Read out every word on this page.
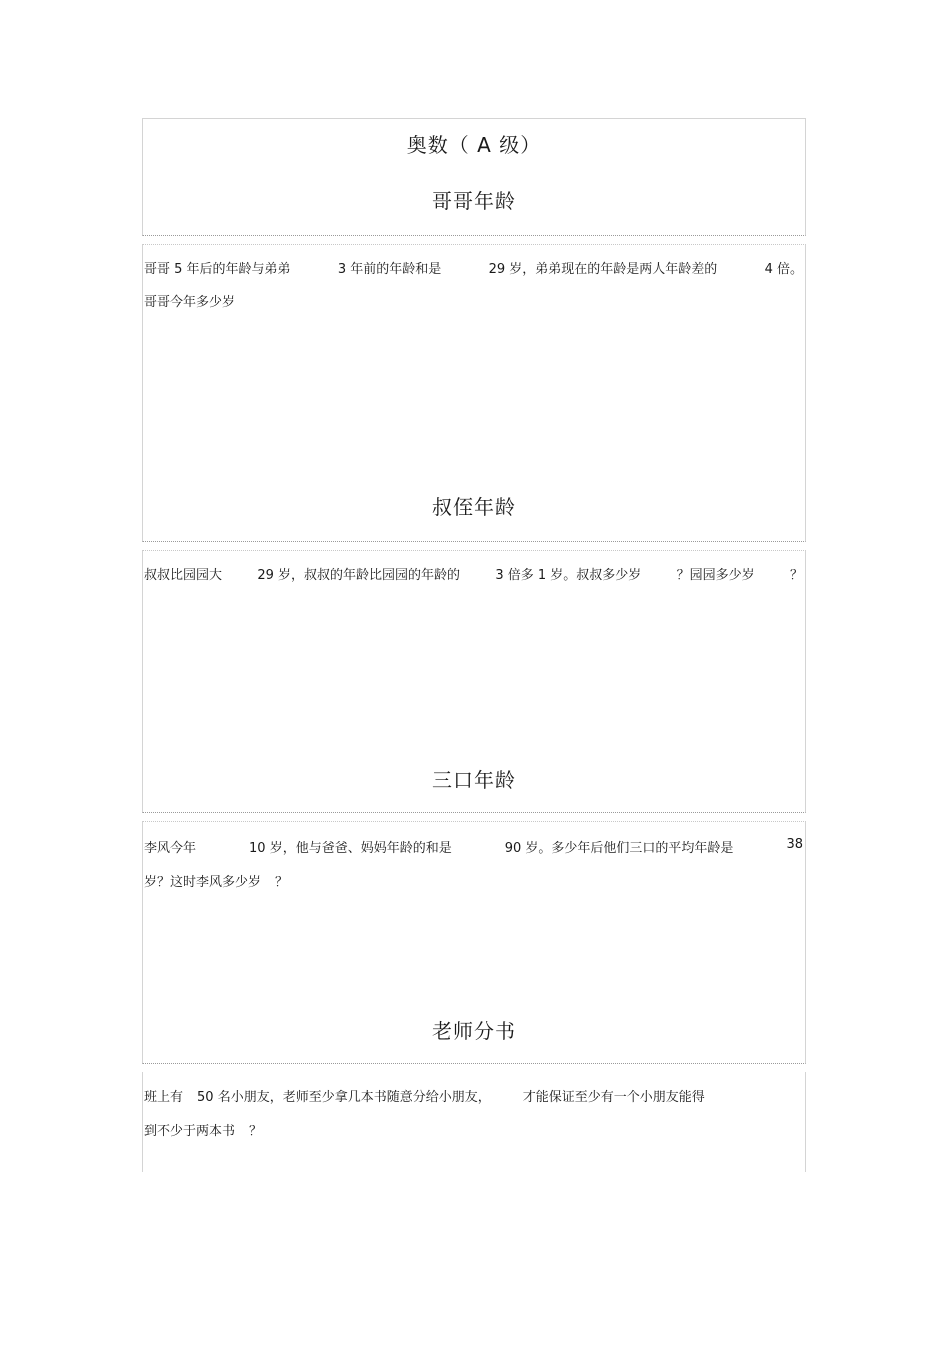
奥数（ A 级）
哥哥年龄
哥哥 5 年后的年龄与弟弟	3 年前的年龄和是	29 岁，弟弟现在的年龄是两人年龄差的	4 倍。
哥哥今年多少岁
叔侄年龄
叔叔比园园大	29 岁，叔叔的年龄比园园的年龄的	3 倍多 1 岁。叔叔多少岁	？园园多少岁	？
三口年龄
李风今年	10 岁，他与爸爸、妈妈年龄的和是	90 岁。多少年后他们三口的平均年龄是	38
岁？这时李风多少岁 ？
老师分书
班上有 50 名小朋友，老师至少拿几本书随意分给小朋友， 才能保证至少有一个小朋友能得
到不少于两本书 ？
